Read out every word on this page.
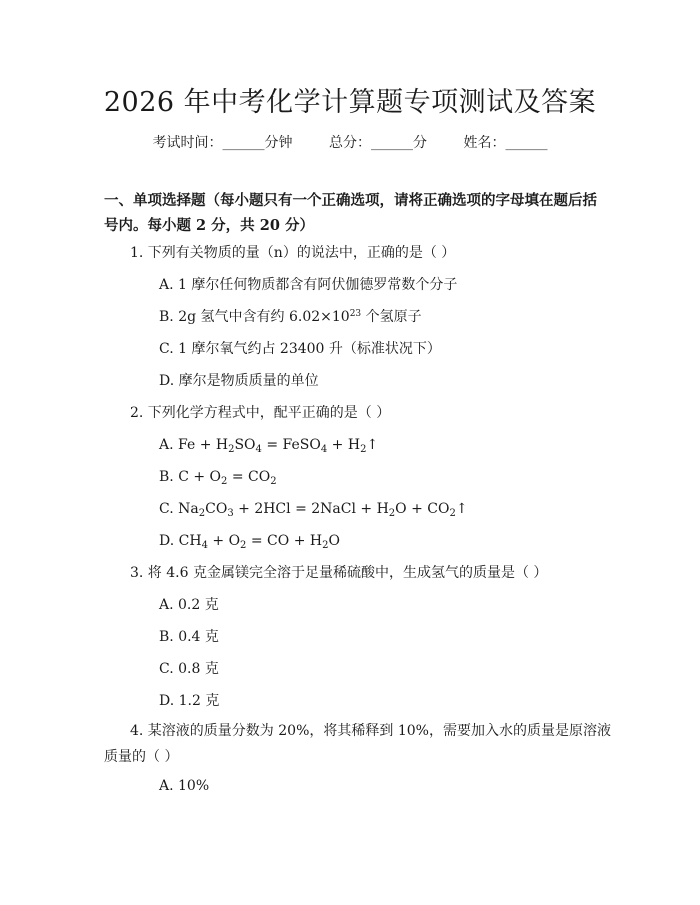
2026 年中考化学计算题专项测试及答案
考试时间：______分钟	总分：______分	姓名：______
一、单项选择题（每小题只有一个正确选项，请将正确选项的字母填在题后括号内。每小题 2 分，共 20 分）
1. 下列有关物质的量（n）的说法中，正确的是（ ）
A. 1 摩尔任何物质都含有阿伏伽德罗常数个分子
B. 2g 氢气中含有约 $6.02\times 10^{23}$ 个氢原子
C. 1 摩尔氧气约占 23400 升（标准状况下）
D. 摩尔是物质质量的单位
2. 下列化学方程式中，配平正确的是（ ）
A. $Fe + H_2SO_4$ = FeSO$_4$ + $H_2↑$
B. $C + O_2 = CO_2$
C. $Na_2CO_3 + 2HCl$ = 2NaCl + $H_2O$ + $CO_2↑$
D. $CH_4 + O_2$ = CO + $H_2O$
3. 将 4.6 克金属镁完全溶于足量稀硫酸中，生成氢气的质量是（ ）
A. 0.2 克
B. 0.4 克
C. 0.8 克
D. 1.2 克
4. 某溶液的质量分数为 20%，将其稀释到 10%，需要加入水的质量是原溶液质量的（ ）
A. 10%
